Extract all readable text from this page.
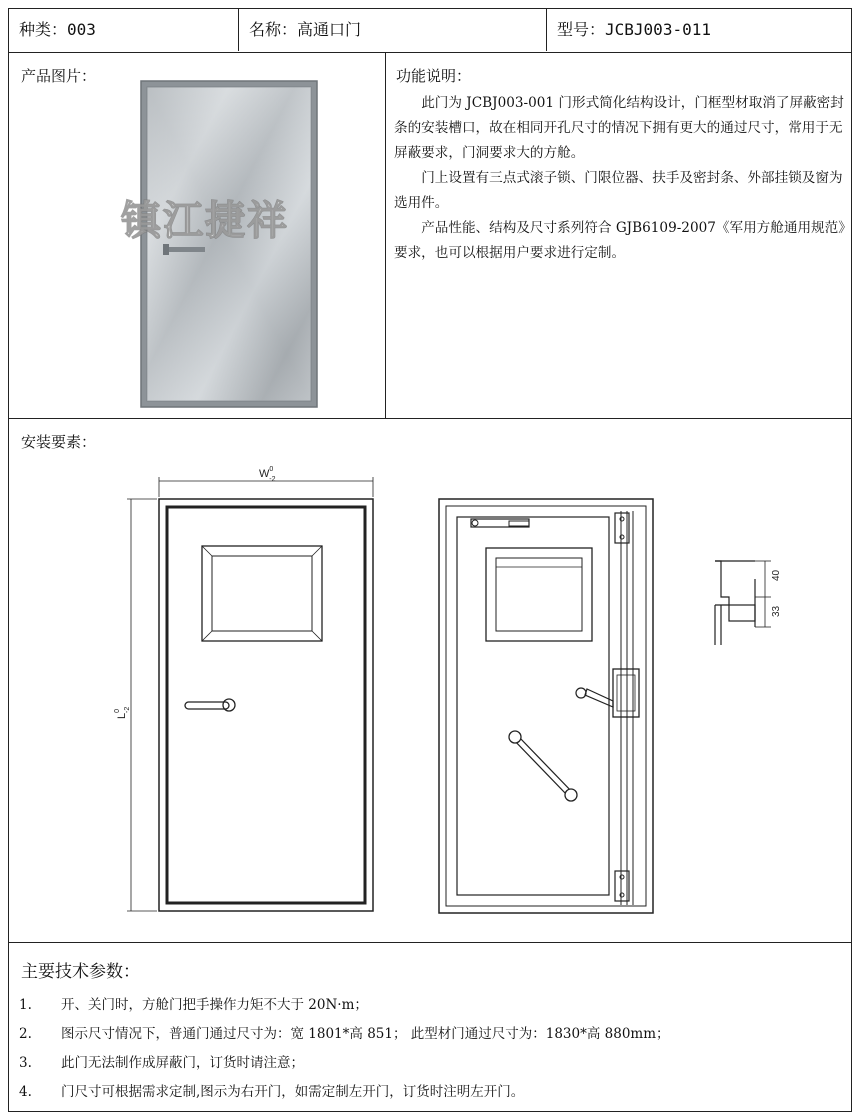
种类：003	名称：高通口门	型号：JCBJ003-011
产品图片：
镇江捷祥
功能说明：

此门为 JCBJ003-001 门形式简化结构设计，门框型材取消了屏蔽密封条的安装槽口，故在相同开孔尺寸的情况下拥有更大的通过尺寸，常用于无屏蔽要求，门洞要求大的方舱。

门上设置有三点式滚子锁、门限位器、扶手及密封条、外部挂锁及窗为选用件。

产品性能、结构及尺寸系列符合 GJB6109-2007《军用方舱通用规范》要求，也可以根据用户要求进行定制。

安装要素：
$W^0$ -2
$L^0$ -2
40
33
主要技术参数：
1.	开、关门时，方舱门把手操作力矩不大于 20N·m；
2.	图示尺寸情况下，普通门通过尺寸为：宽 1801*高 851； 此型材门通过尺寸为：1830*高 880mm；
3.	此门无法制作成屏蔽门，订货时请注意；
4.	门尺寸可根据需求定制,图示为右开门，如需定制左开门，订货时注明左开门。
